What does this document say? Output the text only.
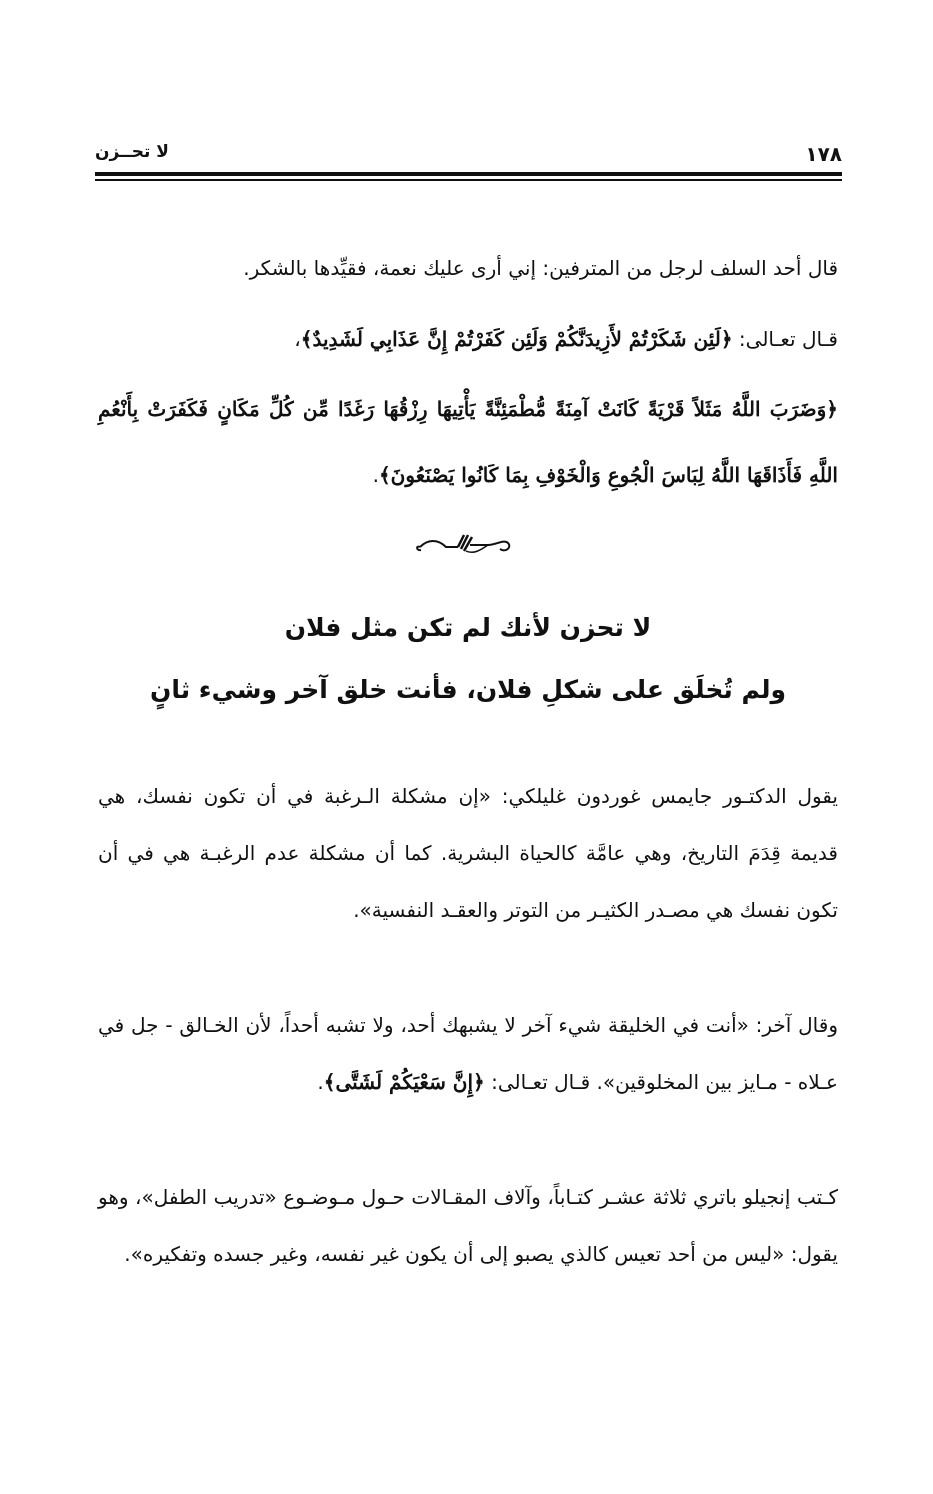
١٧٨
لا تحــزن

قال أحد السلف لرجل من المترفين: إني أرى عليك نعمة، فقيِّدها بالشكر.

قـال تعـالى: ﴿لَئِن شَكَرْتُمْ لأَزِيدَنَّكُمْ وَلَئِن كَفَرْتُمْ إِنَّ عَذَابِي لَشَدِيدٌ﴾،

﴿وَضَرَبَ اللَّهُ مَثَلاً قَرْيَةً كَانَتْ آمِنَةً مُّطْمَئِنَّةً يَأْتِيهَا رِزْقُهَا رَغَدًا مِّن كُلِّ مَكَانٍ فَكَفَرَتْ بِأَنْعُمِ اللَّهِ فَأَذَاقَهَا اللَّهُ لِبَاسَ الْجُوعِ وَالْخَوْفِ بِمَا كَانُوا يَصْنَعُونَ﴾.

لا تحزن لأنك لم تكن مثل فلان
ولم تُخلَق على شكلِ فلان، فأنت خلق آخر وشيء ثانٍ

يقول الدكتـور جايمس غوردون غليلكي: «إن مشكلة الـرغبة في أن تكون نفسك، هي قديمة قِدَمَ التاريخ، وهي عامَّة كالحياة البشرية. كما أن مشكلة عدم الرغبـة هي في أن تكون نفسك هي مصـدر الكثيـر من التوتر والعقـد النفسية».

وقال آخر: «أنت في الخليقة شيء آخر لا يشبهك أحد، ولا تشبه أحداً، لأن الخـالق - جل في عـلاه - مـايز بين المخلوقين». قـال تعـالى: ﴿إِنَّ سَعْيَكُمْ لَشَتَّى﴾.

كـتب إنجيلو باتري ثلاثة عشـر كتـاباً، وآلاف المقـالات حـول مـوضـوع «تدريب الطفل»، وهو يقول: «ليس من أحد تعيس كالذي يصبو إلى أن يكون غير نفسه، وغير جسده وتفكيره».
